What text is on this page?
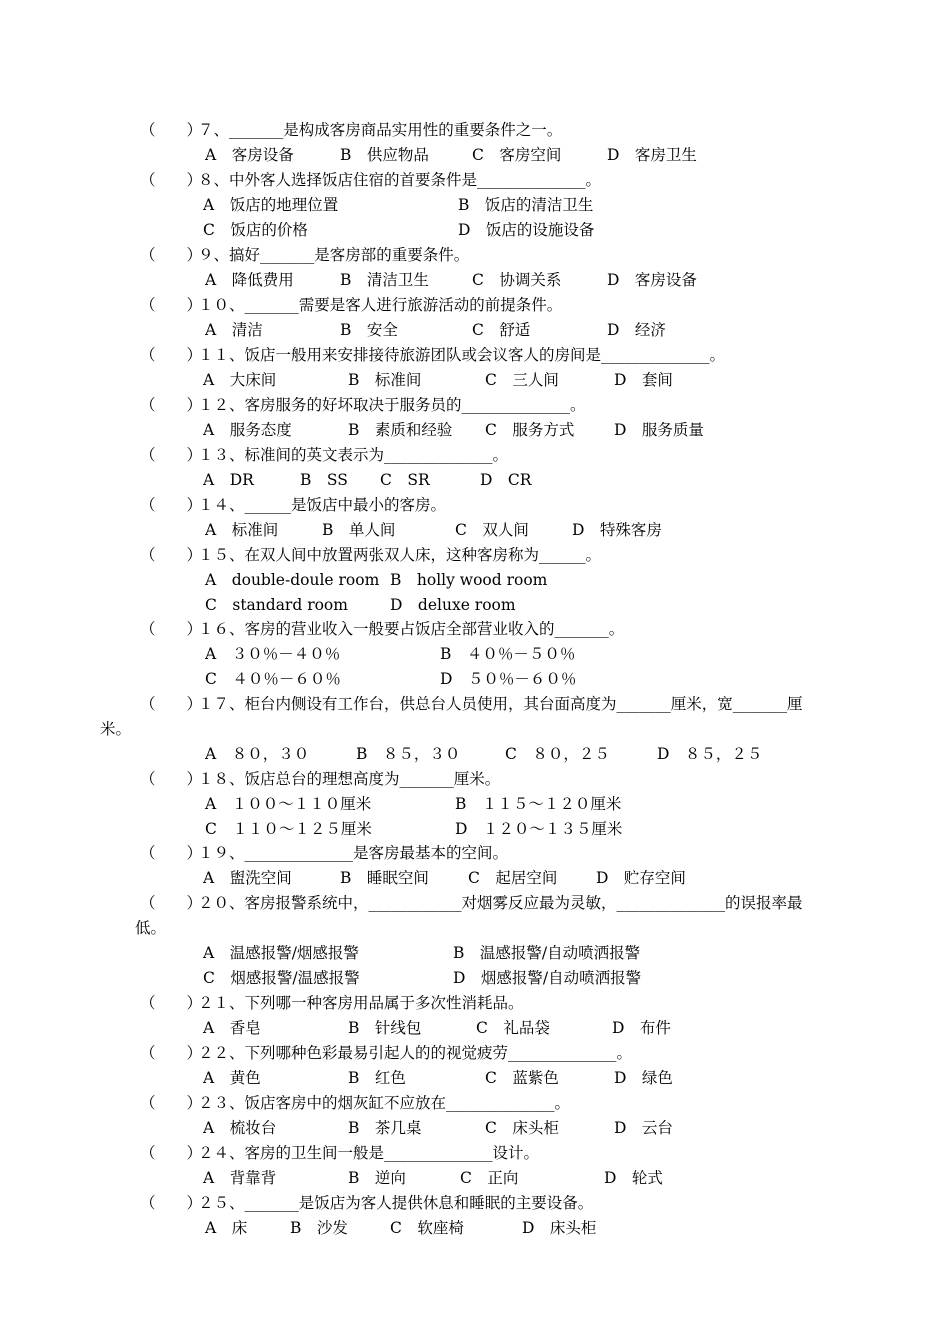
（　　）７、_______是构成客房商品实用性的重要条件之一。
A　客房设备	B　供应物品	C　客房空间	D　客房卫生
（　　）８、中外客人选择饭店住宿的首要条件是______________。
A　饭店的地理位置	B　饭店的清洁卫生
C　饭店的价格	D　饭店的设施设备
（　　）９、搞好_______是客房部的重要条件。
A　降低费用	B　清洁卫生	C　协调关系	D　客房设备
（　　）１０、_______需要是客人进行旅游活动的前提条件。
A　清洁	B　安全	C　舒适	D　经济
（　　）１１、饭店一般用来安排接待旅游团队或会议客人的房间是______________。
A　大床间	B　标准间	C　三人间	D　套间
（　　）１２、客房服务的好坏取决于服务员的______________。
A　服务态度	B　素质和经验 C　服务方式	D　服务质量
（　　）１３、标准间的英文表示为______________。
A　DR	B　SS C　SR	D　CR
（　　）１４、______是饭店中最小的客房。
A　标准间	B　单人间	C　双人间	D　特殊客房
（　　）１５、在双人间中放置两张双人床，这种客房称为______。
A　double-doule room B　holly wood room
C　standard room	D　deluxe room
（　　）１６、客房的营业收入一般要占饭店全部营业收入的_______。
A　３０％－４０％	B　４０％－５０％
C　４０％－６０％	D　５０％－６０％
（　　）１７、柜台内侧设有工作台，供总台人员使用，其台面高度为_______厘米，宽_______厘
米。
A　８０，３０	B　８５，３０	C　８０，２５	D　８５，２５
（　　）１８、饭店总台的理想高度为_______厘米。
A　１００～１１０厘米	B　１１５～１２０厘米
C　１１０～１２５厘米	D　１２０～１３５厘米
（　　）１９、______________是客房最基本的空间。
A　盥洗空间	B　睡眠空间	C　起居空间 D　贮存空间
（　　）２０、客房报警系统中，____________对烟雾反应最为灵敏，______________的误报率最
低。
A　温感报警/烟感报警	B　温感报警/自动喷洒报警
C　烟感报警/温感报警	D　烟感报警/自动喷洒报警
（　　）２１、下列哪一种客房用品属于多次性消耗品。
A　香皂	B　针线包	C　礼品袋	D　布件
（　　）２２、下列哪种色彩最易引起人的的视觉疲劳______________。
A　黄色	B　红色	C　蓝紫色	D　绿色
（　　）２３、饭店客房中的烟灰缸不应放在______________。
A　梳妆台	B　茶几桌	C　床头柜	D　云台
（　　）２４、客房的卫生间一般是______________设计。
A　背靠背	B　逆向	C　正向	D　轮式
（　　）２５、_______是饭店为客人提供休息和睡眠的主要设备。
A　床	B　沙发	C　软座椅	D　床头柜
